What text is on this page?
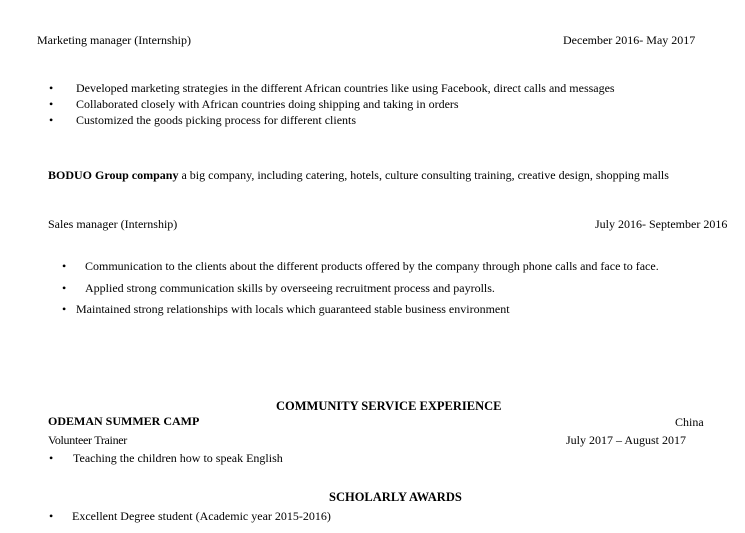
Marketing manager (Internship)	December 2016- May 2017
• Developed marketing strategies in the different African countries like using Facebook, direct calls and messages
• Collaborated closely with African countries doing shipping and taking in orders
• Customized the goods picking process for different clients
BODUO Group company a big company, including catering, hotels, culture consulting training, creative design, shopping malls
Sales manager (Internship)	July 2016- September 2016
• Communication to the clients about the different products offered by the company through phone calls and face to face.
• Applied strong communication skills by overseeing recruitment process and payrolls.
• Maintained strong relationships with locals which guaranteed stable business environment
COMMUNITY SERVICE EXPERIENCE
ODEMAN SUMMER CAMP	China
Volunteer Trainer	July 2017 – August 2017
• Teaching the children how to speak English
SCHOLARLY AWARDS
• Excellent Degree student (Academic year 2015-2016)
